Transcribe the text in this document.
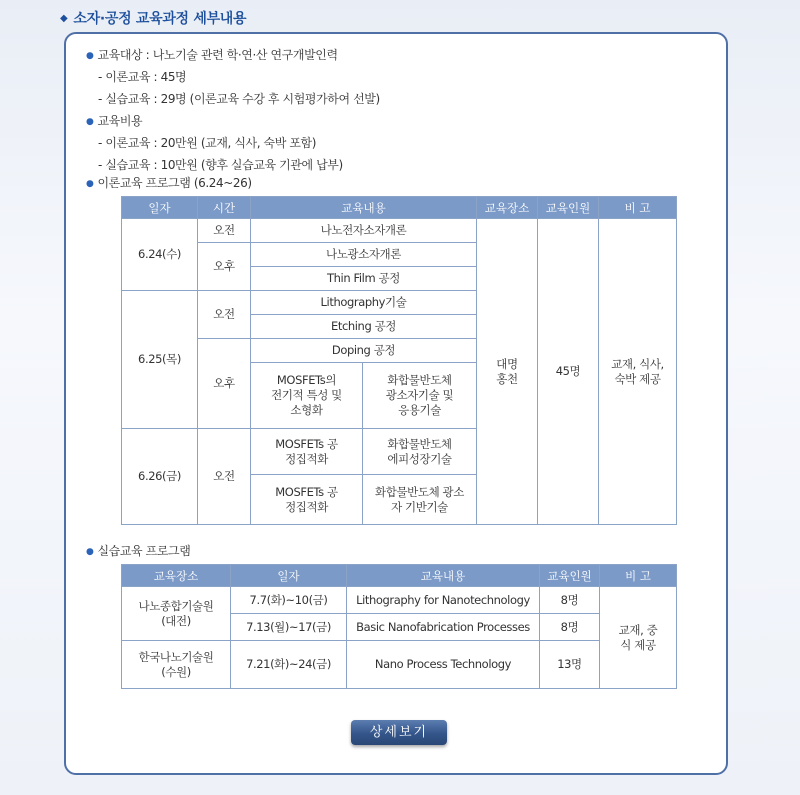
◆ 소자·공정 교육과정 세부내용
● 교육대상 : 나노기술 관련 학·연·산 연구개발인력
- 이론교육 : 45명
- 실습교육 : 29명 (이론교육 수강 후 시험평가하여 선발)
● 교육비용
- 이론교육 : 20만원 (교재, 식사, 숙박 포함)
- 실습교육 : 10만원 (향후 실습교육 기관에 납부)
● 이론교육 프로그램 (6.24~26)
일자	시간	교육내용		교육장소	교육인원	비 고
6.24(수)	오전	나노전자소자개론		대명 홍천	45명	교재, 식사, 숙박 제공
	오후	나노광소자개론				
		Thin Film 공정				
6.25(목)	오전	Lithography기술				
		Etching 공정				
	오후	Doping 공정				
		MOSFETs의 전기적 특성 및 소형화	화합물반도체 광소자기술 및 응용기술			
6.26(금)	오전	MOSFETs 공정집적화	화합물반도체 에피성장기술			
		MOSFETs 공정집적화	화합물반도체 광소자 기반기술			
● 실습교육 프로그램
교육장소	일자	교육내용	교육인원	비 고
나노종합기술원 (대전)	7.7(화)~10(금)	Lithography for Nanotechnology	8명	교재, 중식 제공
	7.13(월)~17(금)	Basic Nanofabrication Processes	8명	
한국나노기술원 (수원)	7.21(화)~24(금)	Nano Process Technology	13명	
상세보기
